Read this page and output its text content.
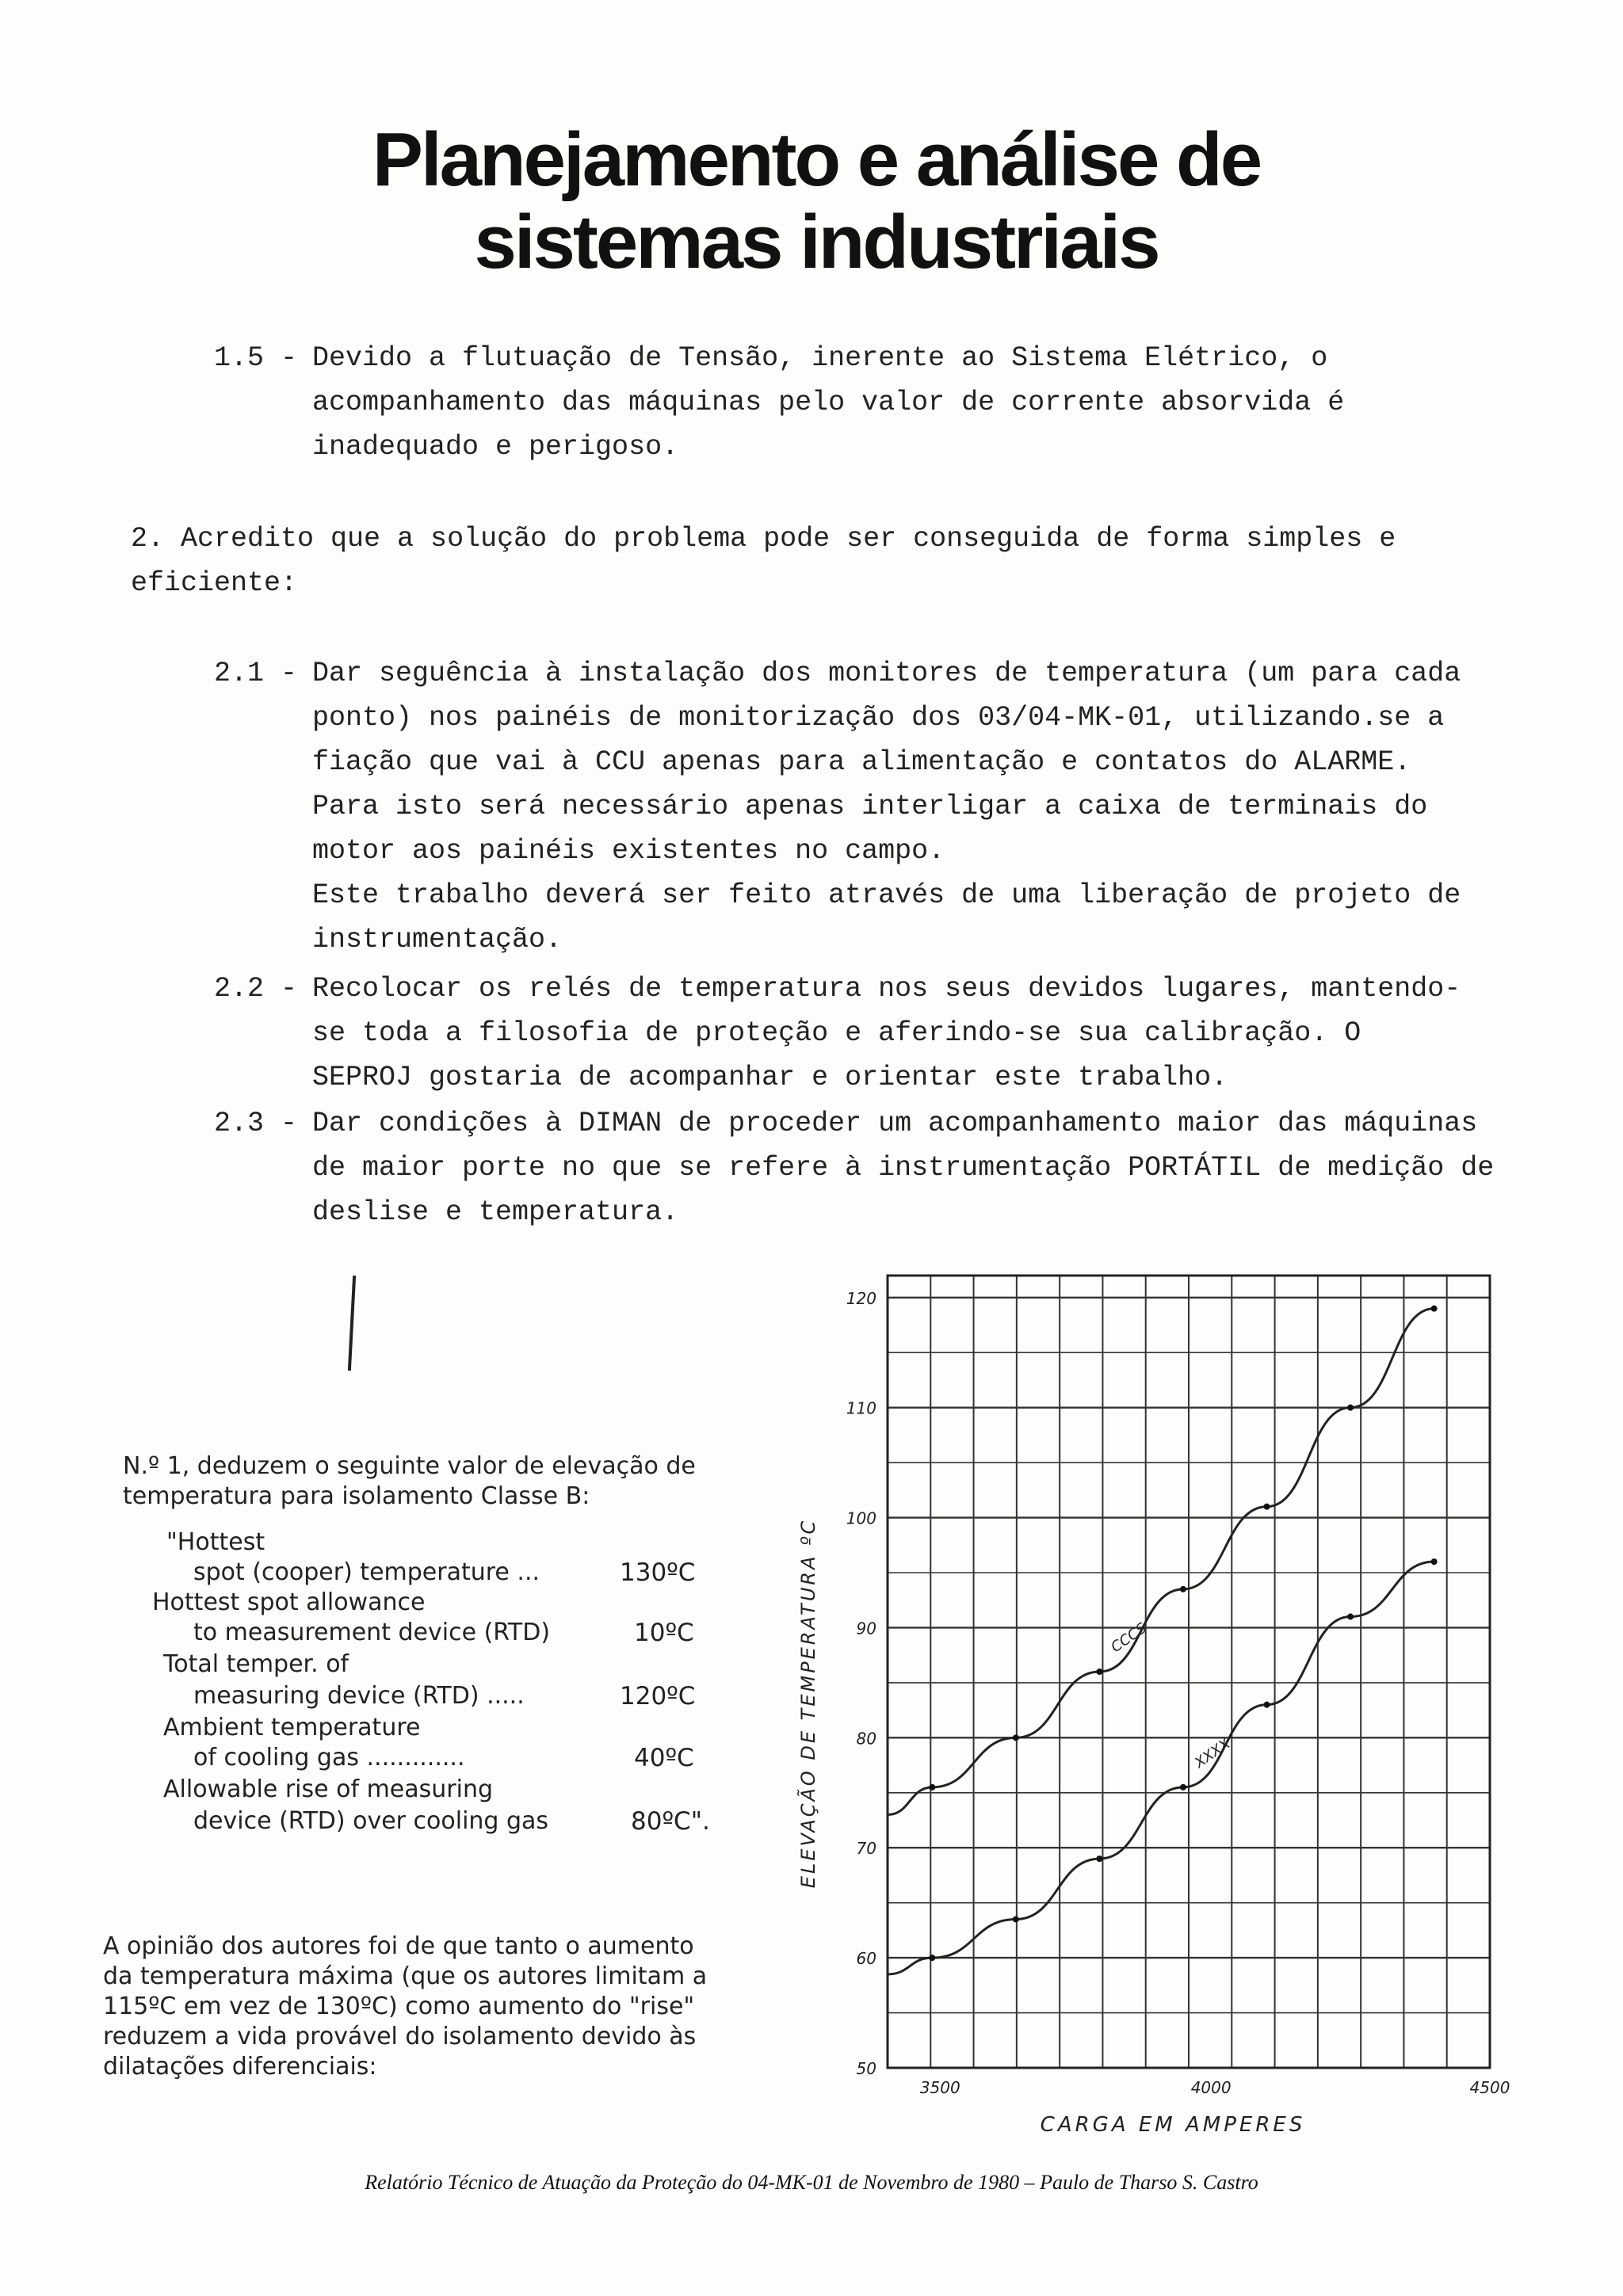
Planejamento e análise de
sistemas industriais
1.5 - Devido a flutuação de Tensão, inerente ao Sistema Elétrico, o acompanhamento das máquinas pelo valor de corrente absorvida é inadequado e perigoso.

2. Acredito que a solução do problema pode ser conseguida de forma simples e eficiente:

2.1 - Dar seguência à instalação dos monitores de temperatura (um para cada ponto) nos painéis de monitorização dos 03/04-MK-01, utilizando.se a fiação que vai à CCU apenas para alimentação e contatos do ALARME. Para isto será necessário apenas interligar a caixa de terminais do motor aos painéis existentes no campo.
Este trabalho deverá ser feito através de uma liberação de projeto de instrumentação.
2.2 - Recolocar os relés de temperatura nos seus devidos lugares, mantendo-se toda a filosofia de proteção e aferindo-se sua calibração. O SEPROJ gostaria de acompanhar e orientar este trabalho.
2.3 - Dar condições à DIMAN de proceder um acompanhamento maior das máquinas de maior porte no que se refere à instrumentação PORTÁTIL de medição de deslise e temperatura.

N.º 1, deduzem o seguinte valor de elevação de temperatura para isolamento Classe B:

"Hottest
spot (cooper) temperature ...	130ºC
Hottest spot allowance
to measurement device (RTD)	10ºC
Total temper. of
measuring device (RTD) .....	120ºC
Ambient temperature
of cooling gas .............	40ºC
Allowable rise of measuring
device (RTD) over cooling gas	80ºC".
A opinião dos autores foi de que tanto o aumento da temperatura máxima (que os autores limitam a 115ºC em vez de 130ºC) como aumento do "rise" reduzem a vida provável do isolamento devido às dilatações diferenciais:	50
60
70
80
90
100
110
120
3500	4000	4500
CARGA EM AMPERES
ELEVAÇÃO DE TEMPERATURA ºC	CCCS
XXXX
Relatório Técnico de Atuação da Proteção do 04-MK-01 de Novembro de 1980 – Paulo de Tharso S. Castro
